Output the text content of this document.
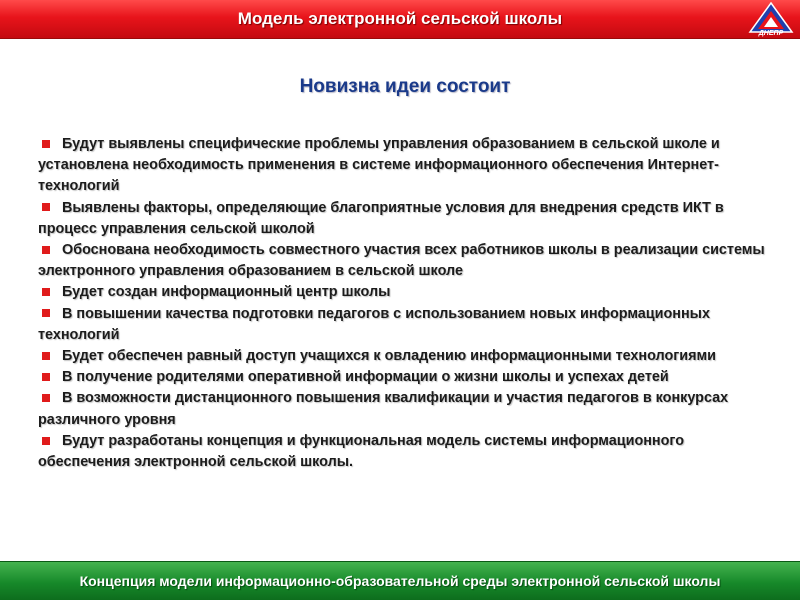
Модель электронной сельской школы
ДНЕПР
Новизна идеи состоит

Будут выявлены специфические проблемы управления образованием в сельской школе и установлена необходимость применения в системе информационного обеспечения Интернет-технологий

Выявлены факторы, определяющие благоприятные условия для внедрения средств ИКТ в процесс управления сельской школой

Обоснована необходимость совместного участия всех работников школы в реализации системы электронного управления образованием в сельской школе

Будет создан информационный центр школы

В повышении качества подготовки педагогов с использованием новых информационных технологий

Будет обеспечен равный доступ учащихся к овладению информационными технологиями

В получение родителями оперативной информации о жизни школы и успехах детей

В возможности дистанционного повышения квалификации и участия педагогов в конкурсах различного уровня

Будут разработаны концепция и функциональная модель системы информационного обеспечения электронной сельской школы.

Концепция модели информационно-образовательной среды электронной сельской школы
